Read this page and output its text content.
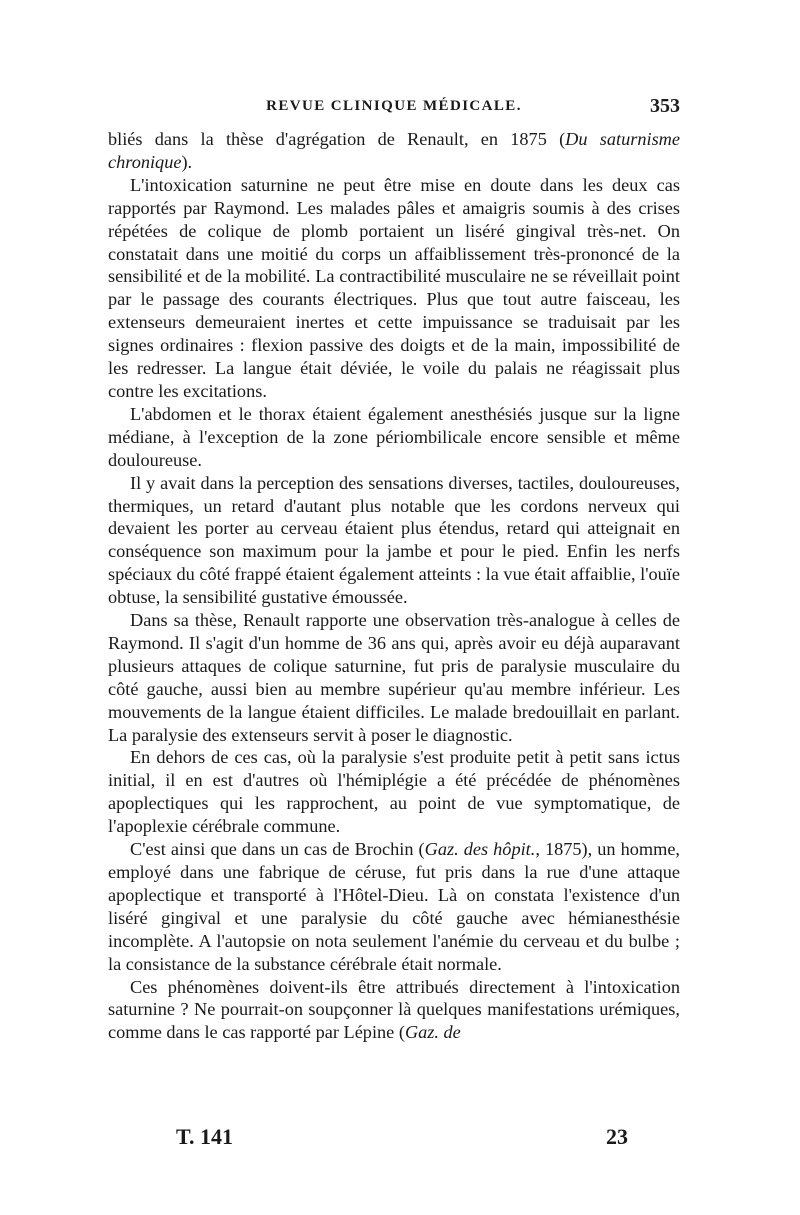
REVUE CLINIQUE MÉDICALE.	353

bliés dans la thèse d'agrégation de Renault, en 1875 (Du saturnisme chronique).

L'intoxication saturnine ne peut être mise en doute dans les deux cas rapportés par Raymond. Les malades pâles et amaigris soumis à des crises répétées de colique de plomb portaient un liséré gingival très-net. On constatait dans une moitié du corps un affaiblissement très-prononcé de la sensibilité et de la mobilité. La contractibilité musculaire ne se réveillait point par le passage des courants électriques. Plus que tout autre faisceau, les extenseurs demeuraient inertes et cette impuissance se traduisait par les signes ordinaires : flexion passive des doigts et de la main, impossibilité de les redresser. La langue était déviée, le voile du palais ne réagissait plus contre les excitations.

L'abdomen et le thorax étaient également anesthésiés jusque sur la ligne médiane, à l'exception de la zone périombilicale encore sensible et même douloureuse.

Il y avait dans la perception des sensations diverses, tactiles, douloureuses, thermiques, un retard d'autant plus notable que les cordons nerveux qui devaient les porter au cerveau étaient plus étendus, retard qui atteignait en conséquence son maximum pour la jambe et pour le pied. Enfin les nerfs spéciaux du côté frappé étaient également atteints : la vue était affaiblie, l'ouïe obtuse, la sensibilité gustative émoussée.

Dans sa thèse, Renault rapporte une observation très-analogue à celles de Raymond. Il s'agit d'un homme de 36 ans qui, après avoir eu déjà auparavant plusieurs attaques de colique saturnine, fut pris de paralysie musculaire du côté gauche, aussi bien au membre supérieur qu'au membre inférieur. Les mouvements de la langue étaient difficiles. Le malade bredouillait en parlant. La paralysie des extenseurs servit à poser le diagnostic.

En dehors de ces cas, où la paralysie s'est produite petit à petit sans ictus initial, il en est d'autres où l'hémiplégie a été précédée de phénomènes apoplectiques qui les rapprochent, au point de vue symptomatique, de l'apoplexie cérébrale commune.

C'est ainsi que dans un cas de Brochin (Gaz. des hôpit., 1875), un homme, employé dans une fabrique de céruse, fut pris dans la rue d'une attaque apoplectique et transporté à l'Hôtel-Dieu. Là on constata l'existence d'un liséré gingival et une paralysie du côté gauche avec hémianesthésie incomplète. A l'autopsie on nota seulement l'anémie du cerveau et du bulbe ; la consistance de la substance cérébrale était normale.

Ces phénomènes doivent-ils être attribués directement à l'intoxication saturnine ? Ne pourrait-on soupçonner là quelques manifestations urémiques, comme dans le cas rapporté par Lépine (Gaz. de

T. 141	23
